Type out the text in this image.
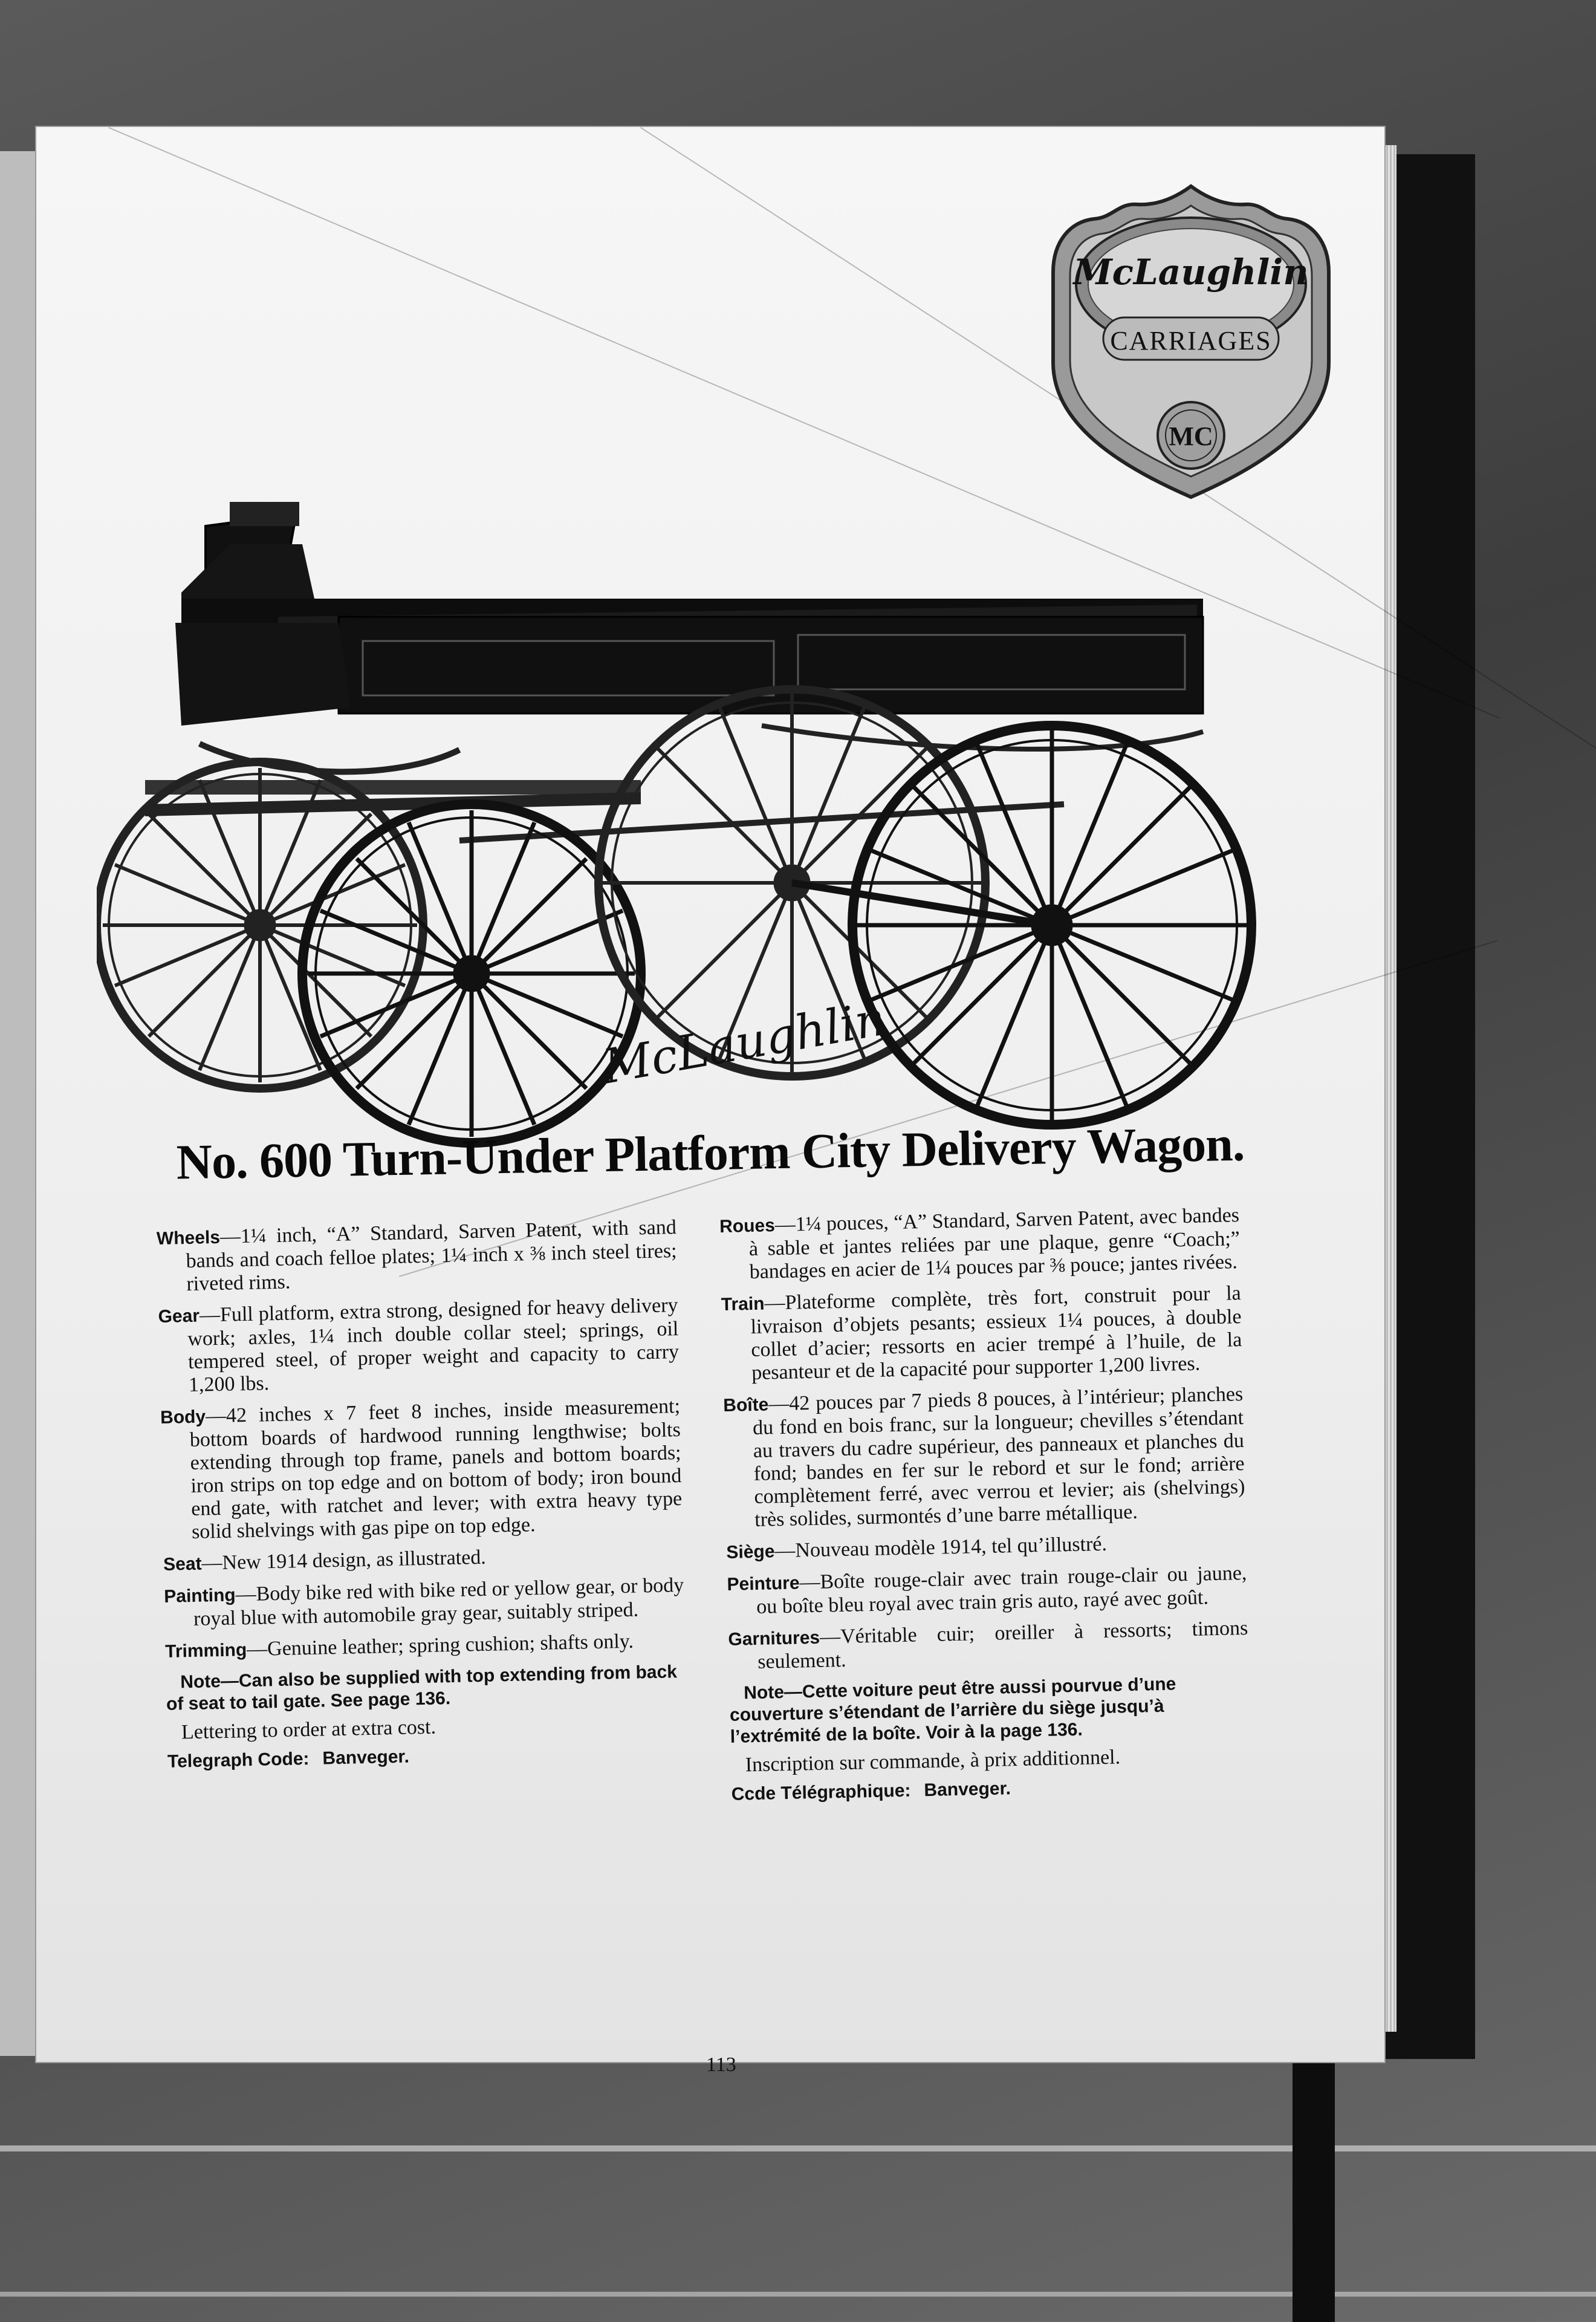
McLaughlin
CARRIAGES
MC
McLaughlin
No. 600 Turn-Under Platform City Delivery Wagon.

Wheels—1¼ inch, “A” Standard, Sarven Patent, with sand bands and coach felloe plates; 1¼ inch x ⅜ inch steel tires; riveted rims.

Gear—Full platform, extra strong, designed for heavy delivery work; axles, 1¼ inch double collar steel; springs, oil tempered steel, of proper weight and capacity to carry 1,200 lbs.

Body—42 inches x 7 feet 8 inches, inside measurement; bottom boards of hardwood running lengthwise; bolts extending through top frame, panels and bottom boards; iron strips on top edge and on bottom of body; iron bound end gate, with ratchet and lever; with extra heavy type solid shelvings with gas pipe on top edge.

Seat—New 1914 design, as illustrated.

Painting—Body bike red with bike red or yellow gear, or body royal blue with automobile gray gear, suitably striped.

Trimming—Genuine leather; spring cushion; shafts only.

Note—Can also be supplied with top extending from back of seat to tail gate. See page 136.

Lettering to order at extra cost.

Telegraph Code: Banveger.

Roues—1¼ pouces, “A” Standard, Sarven Patent, avec bandes à sable et jantes reliées par une plaque, genre “Coach;” bandages en acier de 1¼ pouces par ⅜ pouce; jantes rivées.

Train—Plateforme complète, très fort, construit pour la livraison d’objets pesants; essieux 1¼ pouces, à double collet d’acier; ressorts en acier trempé à l’huile, de la pesanteur et de la capacité pour supporter 1,200 livres.

Boîte—42 pouces par 7 pieds 8 pouces, à l’intérieur; planches du fond en bois franc, sur la longueur; chevilles s’étendant au travers du cadre supérieur, des panneaux et planches du fond; bandes en fer sur le rebord et sur le fond; arrière complètement ferré, avec verrou et levier; ais (shelvings) très solides, surmontés d’une barre métallique.

Siège—Nouveau modèle 1914, tel qu’illustré.

Peinture—Boîte rouge-clair avec train rouge-clair ou jaune, ou boîte bleu royal avec train gris auto, rayé avec goût.

Garnitures—Véritable cuir; oreiller à ressorts; timons seulement.

Note—Cette voiture peut être aussi pourvue d’une couverture s’étendant de l’arrière du siège jusqu’à l’extrémité de la boîte. Voir à la page 136.

Inscription sur commande, à prix additionnel.

Ccde Télégraphique: Banveger.

113
